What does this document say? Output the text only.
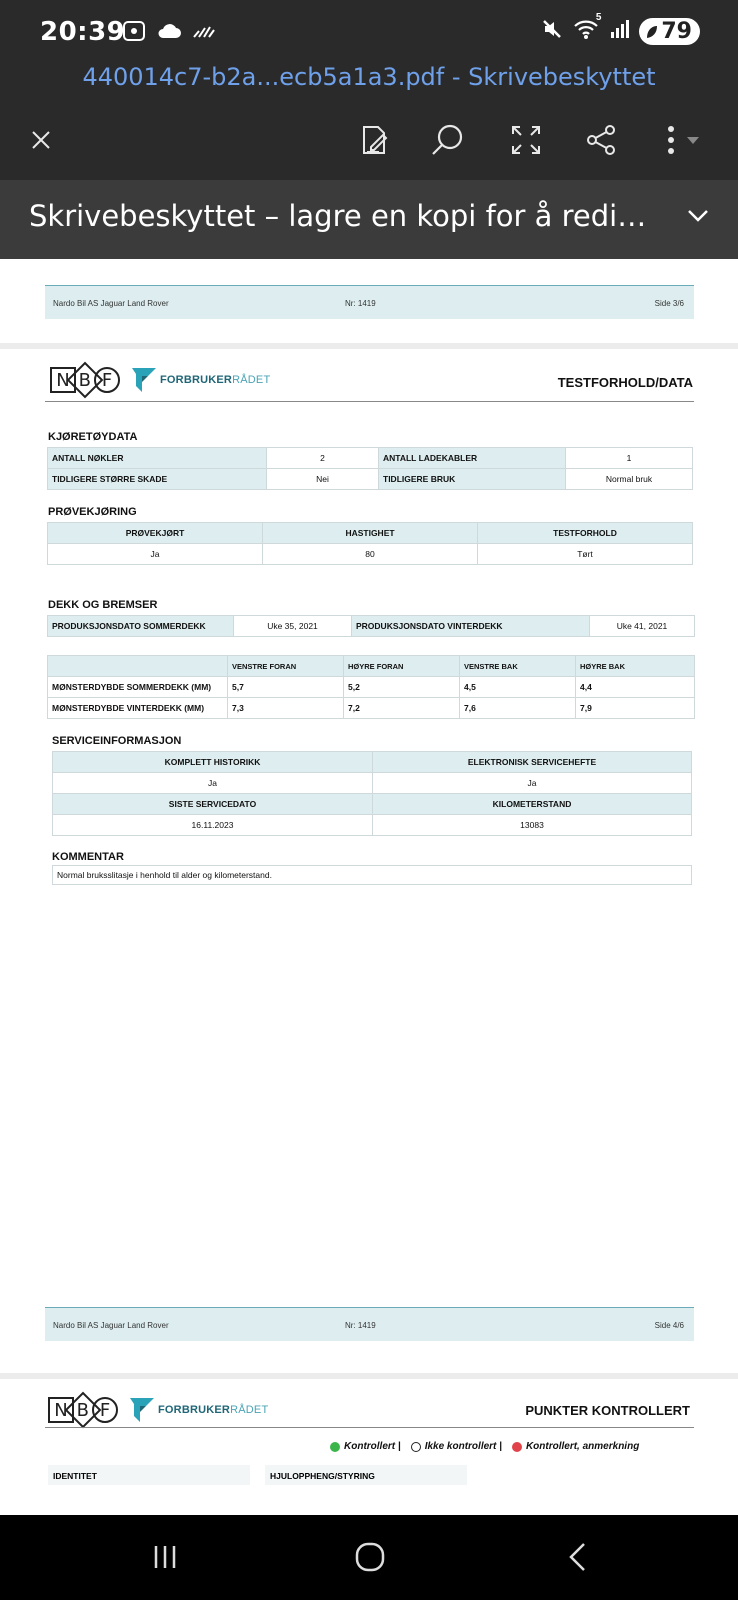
20:39	5
79
440014c7-b2a...ecb5a1a3.pdf - Skrivebeskyttet
Skrivebeskyttet – lagre en kopi for å redi…
Nardo Bil AS Jaguar Land Rover	Nr: 1419	Side 3/6
N B F	FORBRUKERRÅDET	TESTFORHOLD/DATA
KJØRETØYDATA
ANTALL NØKLER	2	ANTALL LADEKABLER	1
TIDLIGERE STØRRE SKADE	Nei	TIDLIGERE BRUK	Normal bruk
PRØVEKJØRING
PRØVEKJØRT	HASTIGHET	TESTFORHOLD
Ja	80	Tørt
DEKK OG BREMSER
PRODUKSJONSDATO SOMMERDEKK	Uke 35, 2021	PRODUKSJONSDATO VINTERDEKK	Uke 41, 2021
	VENSTRE FORAN	HØYRE FORAN	VENSTRE BAK	HØYRE BAK
MØNSTERDYBDE SOMMERDEKK (MM)	5,7	5,2	4,5	4,4
MØNSTERDYBDE VINTERDEKK (MM)	7,3	7,2	7,6	7,9
SERVICEINFORMASJON
KOMPLETT HISTORIKK	ELEKTRONISK SERVICEHEFTE
Ja	Ja
SISTE SERVICEDATO	KILOMETERSTAND
16.11.2023	13083
KOMMENTAR
Normal bruksslitasje i henhold til alder og kilometerstand.
Nardo Bil AS Jaguar Land Rover	Nr: 1419	Side 4/6
N B F	FORBRUKERRÅDET	PUNKTER KONTROLLERT
Kontrollert | Ikke kontrollert | Kontrollert, anmerkning
IDENTITET	HJULOPPHENG/STYRING
